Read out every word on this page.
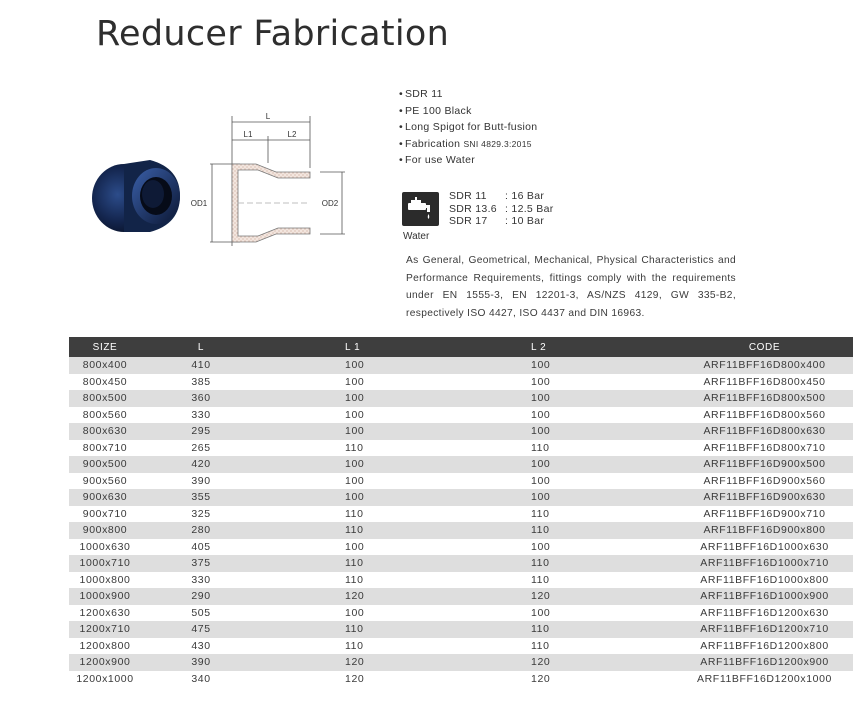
Reducer Fabrication
L
L1	L2
OD1	OD2
• SDR 11
• PE 100 Black
• Long Spigot for Butt-fusion
• Fabrication SNI 4829.3:2015
• For use Water
Water
SDR 11	: 16 Bar
SDR 13.6 : 12.5 Bar
SDR 17	: 10 Bar

As General, Geometrical, Mechanical, Physical Characteristics and Performance Requirements, fittings comply with the requirements under EN 1555-3, EN 12201-3, AS/NZS 4129, GW 335-B2, respectively ISO 4427, ISO 4437 and DIN 16963.

SIZE	L	L 1	L 2	CODE
800x400	410	100	100	ARF11BFF16D800x400
800x450	385	100	100	ARF11BFF16D800x450
800x500	360	100	100	ARF11BFF16D800x500
800x560	330	100	100	ARF11BFF16D800x560
800x630	295	100	100	ARF11BFF16D800x630
800x710	265	110	110	ARF11BFF16D800x710
900x500	420	100	100	ARF11BFF16D900x500
900x560	390	100	100	ARF11BFF16D900x560
900x630	355	100	100	ARF11BFF16D900x630
900x710	325	110	110	ARF11BFF16D900x710
900x800	280	110	110	ARF11BFF16D900x800
1000x630	405	100	100	ARF11BFF16D1000x630
1000x710	375	110	110	ARF11BFF16D1000x710
1000x800	330	110	110	ARF11BFF16D1000x800
1000x900	290	120	120	ARF11BFF16D1000x900
1200x630	505	100	100	ARF11BFF16D1200x630
1200x710	475	110	110	ARF11BFF16D1200x710
1200x800	430	110	110	ARF11BFF16D1200x800
1200x900	390	120	120	ARF11BFF16D1200x900
1200x1000	340	120	120	ARF11BFF16D1200x1000
